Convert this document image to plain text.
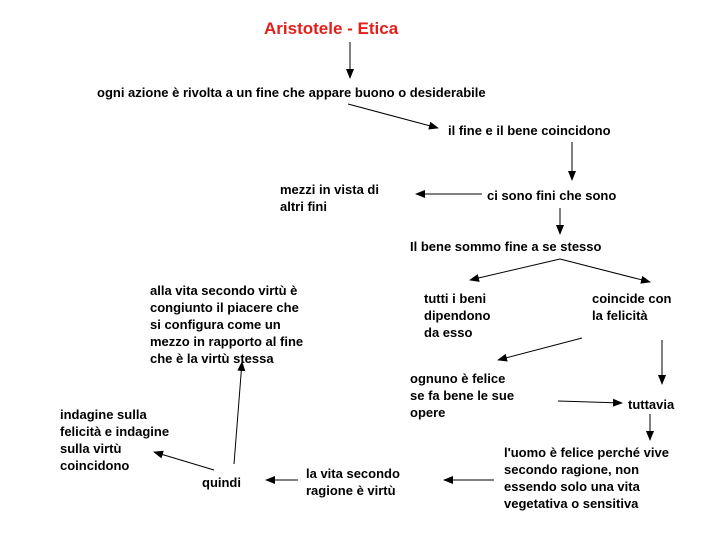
Aristotele - Etica
ogni azione è rivolta a un fine che appare buono o desiderabile
il fine e il bene coincidono
ci sono fini che sono
mezzi in vista di
altri fini
Il bene sommo fine a se stesso
tutti i beni
dipendono
da esso
coincide con
la felicità
ognuno è felice
se fa bene le sue
opere
tuttavia
l'uomo è felice perché vive
secondo ragione, non
essendo solo una vita
vegetativa o sensitiva
la vita secondo
ragione è virtù
quindi
indagine sulla
felicità e indagine
sulla virtù
coincidono
alla vita secondo virtù è
congiunto il piacere che
si configura come un
mezzo in rapporto al fine
che è la virtù stessa
